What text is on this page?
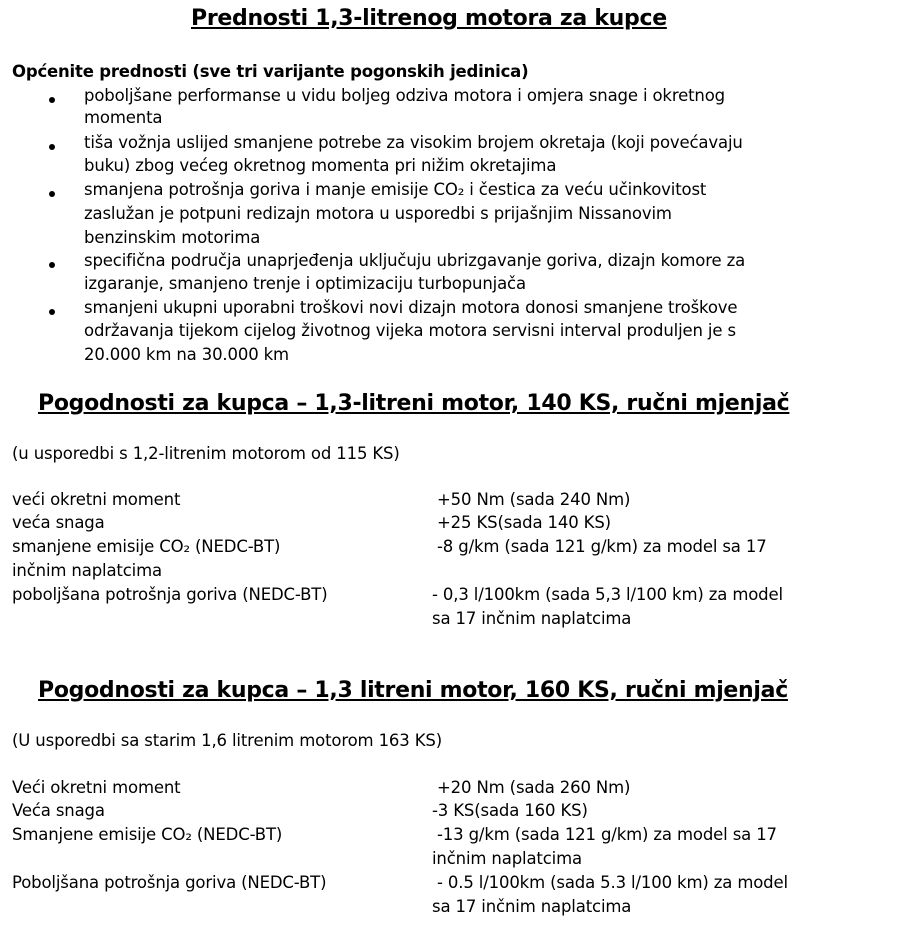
Prednosti 1,3-litrenog motora za kupce
Općenite prednosti (sve tri varijante pogonskih jedinica)
poboljšane performanse u vidu boljeg odziva motora i omjera snage i okretnog
momenta
tiša vožnja uslijed smanjene potrebe za visokim brojem okretaja (koji povećavaju
buku) zbog većeg okretnog momenta pri nižim okretajima
smanjena potrošnja goriva i manje emisije CO₂ i čestica za veću učinkovitost
zaslužan je potpuni redizajn motora u usporedbi s prijašnjim Nissanovim
benzinskim motorima
specifična područja unaprjeđenja uključuju ubrizgavanje goriva, dizajn komore za
izgaranje, smanjeno trenje i optimizaciju turbopunjača
smanjeni ukupni uporabni troškovi novi dizajn motora donosi smanjene troškove
održavanja tijekom cijelog životnog vijeka motora servisni interval produljen je s
20.000 km na 30.000 km
Pogodnosti za kupca – 1,3-litreni motor, 140 KS, ručni mjenjač
(u usporedbi s 1,2-litrenim motorom od 115 KS)
veći okretni moment	+50 Nm (sada 240 Nm)
veća snaga	+25 KS(sada 140 KS)
smanjene emisije CO₂ (NEDC-BT)	-8 g/km (sada 121 g/km) za model sa 17
inčnim naplatcima
poboljšana potrošnja goriva (NEDC-BT)	- 0,3 l/100km (sada 5,3 l/100 km) za model
sa 17 inčnim naplatcima
Pogodnosti za kupca – 1,3 litreni motor, 160 KS, ručni mjenjač
(U usporedbi sa starim 1,6 litrenim motorom 163 KS)
Veći okretni moment	+20 Nm (sada 260 Nm)
Veća snaga	-3 KS(sada 160 KS)
Smanjene emisije CO₂ (NEDC-BT)	-13 g/km (sada 121 g/km) za model sa 17
inčnim naplatcima
Poboljšana potrošnja goriva (NEDC-BT)	- 0.5 l/100km (sada 5.3 l/100 km) za model
sa 17 inčnim naplatcima
